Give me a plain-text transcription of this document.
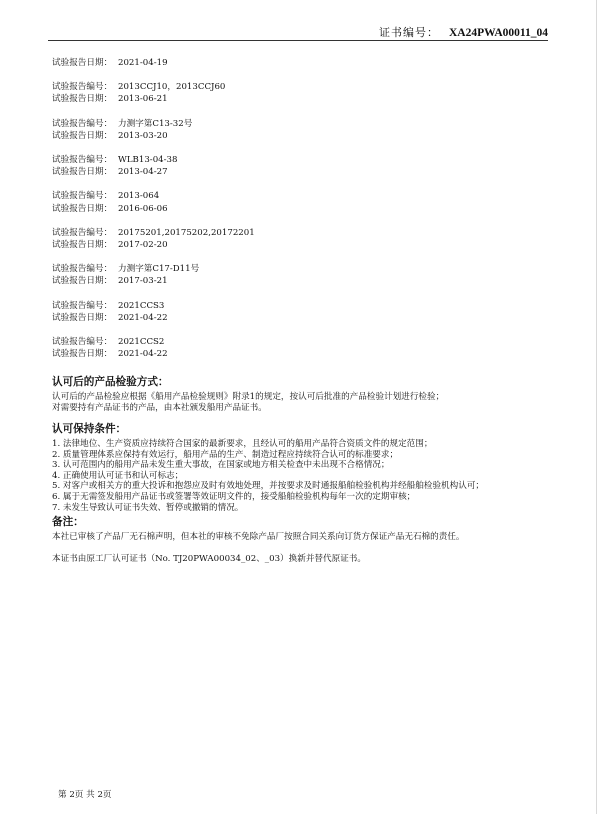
证书编号： XA24PWA00011_04
试验报告日期： 2021-04-19
试验报告编号： 2013CCJ10，2013CCJ60
试验报告日期： 2013-06-21
试验报告编号： 力测字第C13-32号
试验报告日期： 2013-03-20
试验报告编号： WLB13-04-38
试验报告日期： 2013-04-27
试验报告编号： 2013-064
试验报告日期： 2016-06-06
试验报告编号： 20175201,20175202,20172201
试验报告日期： 2017-02-20
试验报告编号： 力测字第C17-D11号
试验报告日期： 2017-03-21
试验报告编号： 2021CCS3
试验报告日期： 2021-04-22
试验报告编号： 2021CCS2
试验报告日期： 2021-04-22
认可后的产品检验方式：

认可后的产品检验应根据《船用产品检验规则》附录1的规定，按认可后批准的产品检验计划进行检验；

对需要持有产品证书的产品，由本社颁发船用产品证书。

认可保持条件：

1. 法律地位、生产资质应持续符合国家的最新要求，且经认可的船用产品符合资质文件的规定范围；

2. 质量管理体系应保持有效运行，船用产品的生产、制造过程应持续符合认可的标准要求；

3. 认可范围内的船用产品未发生重大事故，在国家或地方相关检查中未出现不合格情况；

4. 正确使用认可证书和认可标志；

5. 对客户或相关方的重大投诉和抱怨应及时有效地处理，并按要求及时通报船舶检验机构并经船舶检验机构认可；

6. 属于无需签发船用产品证书或签署等效证明文件的，接受船舶检验机构每年一次的定期审核；

7. 未发生导致认可证书失效、暂停或撤销的情况。

备注：

本社已审核了产品厂无石棉声明，但本社的审核不免除产品厂按照合同关系向订货方保证产品无石棉的责任。

本证书由原工厂认可证书（No. TJ20PWA00034_02、_03）换新并替代原证书。

第 2页 共 2页
